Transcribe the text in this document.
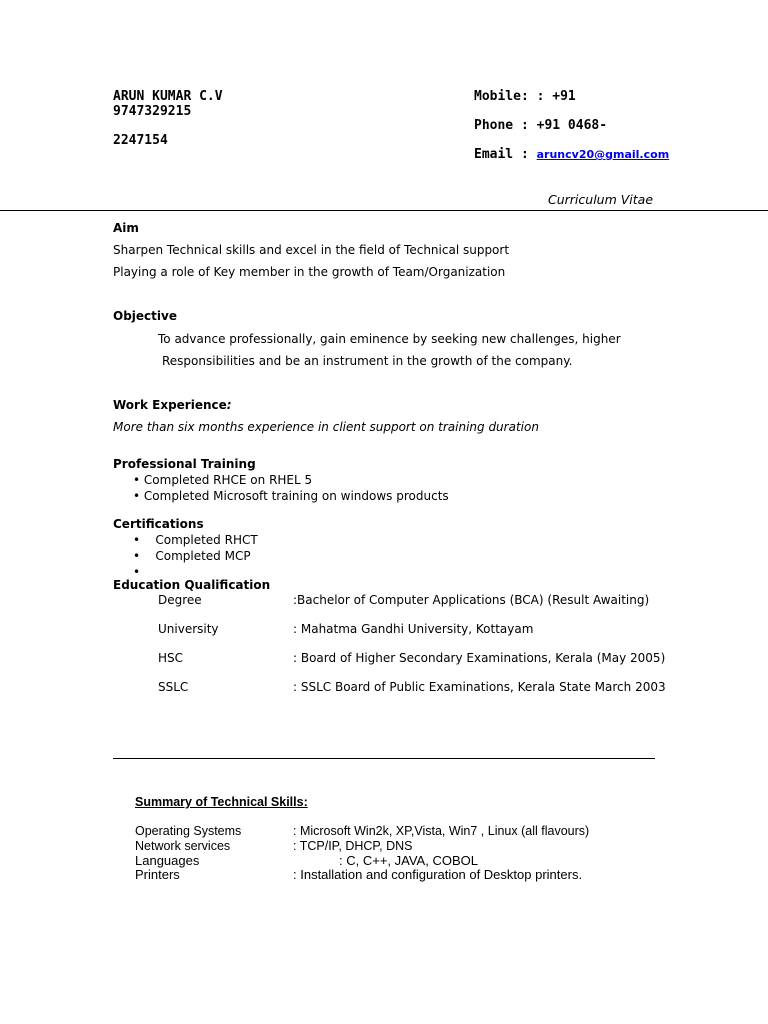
ARUN KUMAR C.V
9747329215
2247154
Mobile: : +91
Phone : +91 0468-
Email : aruncv20@gmail.com
Curriculum Vitae
Aim
Sharpen Technical skills and excel in the field of Technical support
Playing a role of Key member in the growth of Team/Organization
Objective
To advance professionally, gain eminence by seeking new challenges, higher
Responsibilities and be an instrument in the growth of the company.
Work Experience:
More than six months experience in client support on training duration
Professional Training
• Completed RHCE on RHEL 5
• Completed Microsoft training on windows products
Certifications
• Completed RHCT
• Completed MCP
•
Education Qualification
Degree	:Bachelor of Computer Applications (BCA) (Result Awaiting)
University	: Mahatma Gandhi University, Kottayam
HSC	: Board of Higher Secondary Examinations, Kerala (May 2005)
SSLC	: SSLC Board of Public Examinations, Kerala State March 2003
Summary of Technical Skills:
Operating Systems	: Microsoft Win2k, XP,Vista, Win7 , Linux (all flavours)
Network services	: TCP/IP, DHCP, DNS
Languages	: C, C++, JAVA, COBOL
Printers	: Installation and configuration of Desktop printers.
